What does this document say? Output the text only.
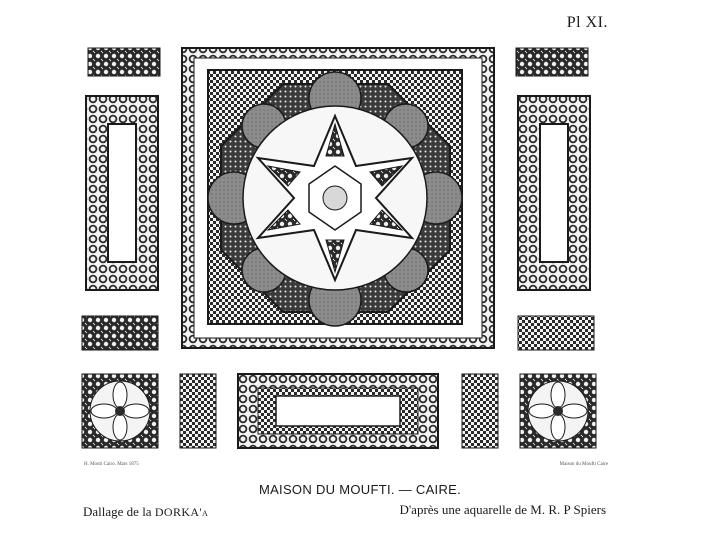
Pl XI.
H. Monti Cairo. Mars 1875	Maison du Moufti Caire
MAISON DU MOUFTI. — CAIRE.
Dallage de la DORKA'a	D'après une aquarelle de M. R. P Spiers
